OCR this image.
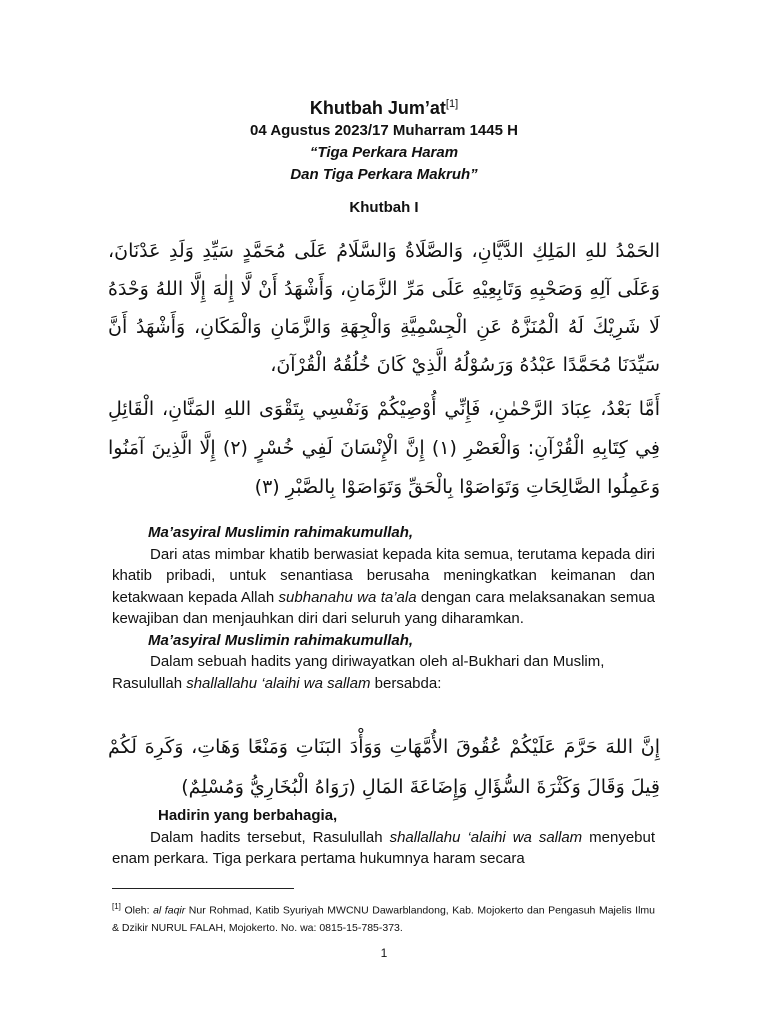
Khutbah Jum’at[1]
04 Agustus 2023/17 Muharram 1445 H
“Tiga Perkara Haram
Dan Tiga Perkara Makruh”
Khutbah I
الحَمْدُ للهِ المَلِكِ الدَّيَّانِ، وَالصَّلَاةُ وَالسَّلَامُ عَلَى مُحَمَّدٍ سَيِّدِ وَلَدِ عَدْنَانَ، وَعَلَى آلِهِ وَصَحْبِهِ وَتَابِعِيْهِ عَلَى مَرِّ الزَّمَانِ، وَأَشْهَدُ أَنْ لَّا إِلٰهَ إِلَّا اللهُ وَحْدَهُ لَا شَرِيْكَ لَهُ الْمُنَزَّهُ عَنِ الْجِسْمِيَّةِ وَالْجِهَةِ وَالزَّمَانِ وَالْمَكَانِ، وَأَشْهَدُ أَنَّ سَيِّدَنَا مُحَمَّدًا عَبْدُهُ وَرَسُوْلُهُ الَّذِيْ كَانَ خُلُقُهُ الْقُرْآنَ،
أَمَّا بَعْدُ، عِبَادَ الرَّحْمٰنِ، فَإِنِّي أُوْصِيْكُمْ وَنَفْسِي بِتَقْوَى اللهِ المَنَّانِ، الْقَائِلِ فِي كِتَابِهِ الْقُرْآنِ: وَالْعَصْرِ (١) إِنَّ الْإِنْسَانَ لَفِي خُسْرٍ (٢) إِلَّا الَّذِينَ آمَنُوا وَعَمِلُوا الصَّالِحَاتِ وَتَوَاصَوْا بِالْحَقِّ وَتَوَاصَوْا بِالصَّبْرِ (٣)

Ma’asyiral Muslimin rahimakumullah,

Dari atas mimbar khatib berwasiat kepada kita semua, terutama kepada diri khatib pribadi, untuk senantiasa berusaha meningkatkan keimanan dan ketakwaan kepada Allah subhanahu wa ta’ala dengan cara melaksanakan semua kewajiban dan menjauhkan diri dari seluruh yang diharamkan.

Ma’asyiral Muslimin rahimakumullah,

Dalam sebuah hadits yang diriwayatkan oleh al-Bukhari dan Muslim, Rasulullah shallallahu ‘alaihi wa sallam bersabda:

إِنَّ اللهَ حَرَّمَ عَلَيْكُمْ عُقُوقَ الأُمَّهَاتِ وَوَأْدَ البَنَاتِ وَمَنْعًا وَهَاتِ، وَكَرِهَ لَكُمْ قِيلَ وَقَالَ وَكَثْرَةَ السُّؤَالِ وَإِضَاعَةَ المَالِ (رَوَاهُ الْبُخَارِيُّ وَمُسْلِمٌ)

Hadirin yang berbahagia,

Dalam hadits tersebut, Rasulullah shallallahu ‘alaihi wa sallam menyebut enam perkara. Tiga perkara pertama hukumnya haram secara

[1] Oleh: al faqir Nur Rohmad, Katib Syuriyah MWCNU Dawarblandong, Kab. Mojokerto dan Pengasuh Majelis Ilmu & Dzikir NURUL FALAH, Mojokerto. No. wa: 0815-15-785-373.
1
